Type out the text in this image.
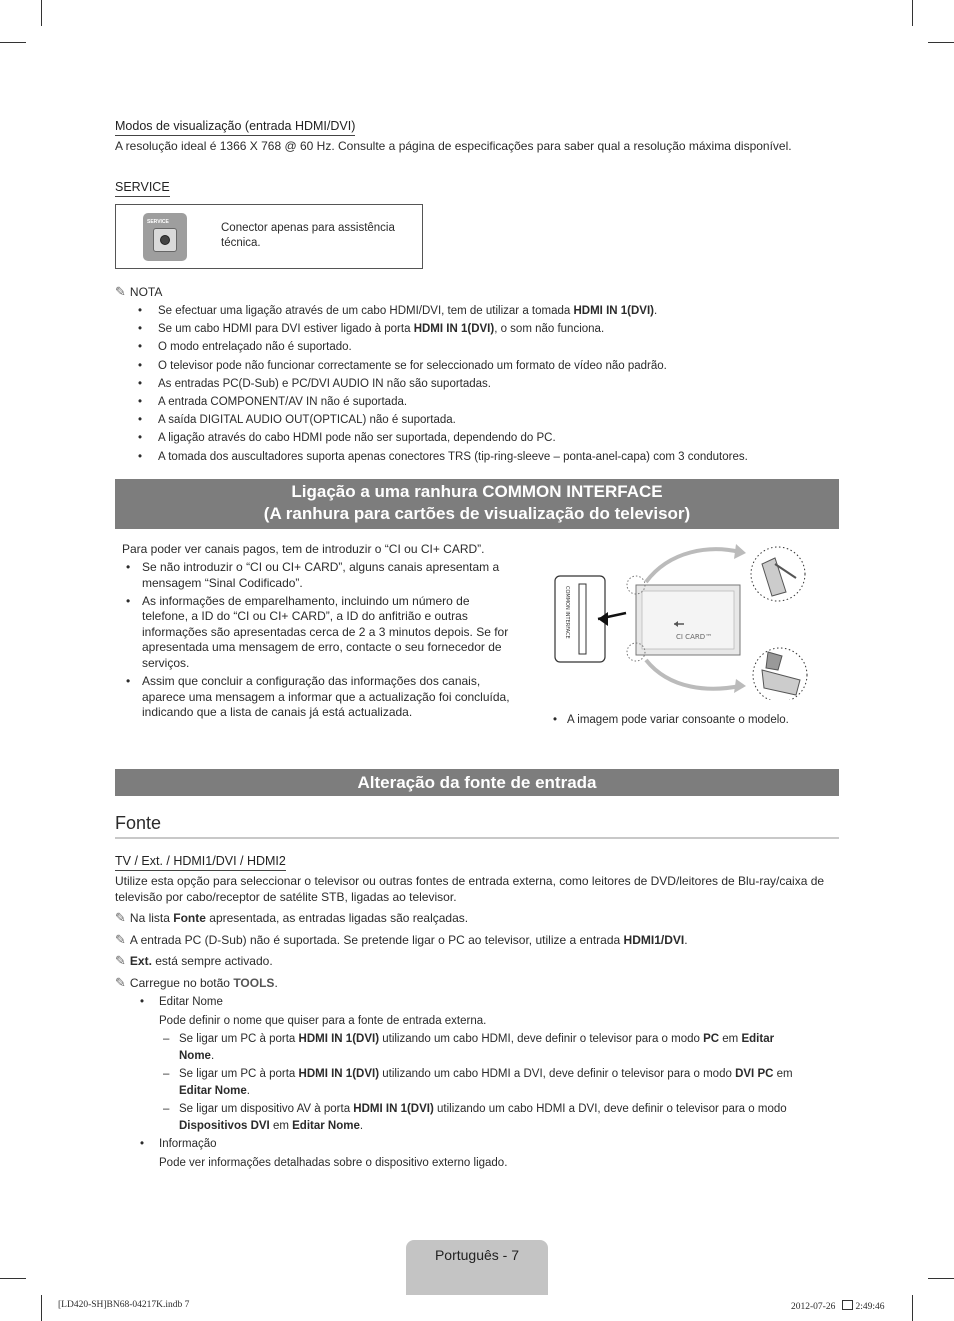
Modos de visualização (entrada HDMI/DVI)
A resolução ideal é 1366 X 768 @ 60 Hz. Consulte a página de especificações para saber qual a resolução máxima disponível.
SERVICE
SERVICE	Conector apenas para assistência
técnica.
✎ NOTA
• Se efectuar uma ligação através de um cabo HDMI/DVI, tem de utilizar a tomada HDMI IN 1(DVI).
• Se um cabo HDMI para DVI estiver ligado à porta HDMI IN 1(DVI), o som não funciona.
• O modo entrelaçado não é suportado.
• O televisor pode não funcionar correctamente se for seleccionado um formato de vídeo não padrão.
• As entradas PC(D-Sub) e PC/DVI AUDIO IN não são suportadas.
• A entrada COMPONENT/AV IN não é suportada.
• A saída DIGITAL AUDIO OUT(OPTICAL) não é suportada.
• A ligação através do cabo HDMI pode não ser suportada, dependendo do PC.
• A tomada dos auscultadores suporta apenas conectores TRS (tip-ring-sleeve – ponta-anel-capa) com 3 condutores.
Ligação a uma ranhura COMMON INTERFACE
(A ranhura para cartões de visualização do televisor)
Para poder ver canais pagos, tem de introduzir o “CI ou CI+ CARD”.
• Se não introduzir o “CI ou CI+ CARD”, alguns canais apresentam a mensagem “Sinal Codificado”.
• As informações de emparelhamento, incluindo um número de telefone, a ID do “CI ou CI+ CARD”, a ID do anfitrião e outras informações são apresentadas cerca de 2 a 3 minutos depois. Se for apresentada uma mensagem de erro, contacte o seu fornecedor de serviços.
• Assim que concluir a configuração das informações dos canais, aparece uma mensagem a informar que a actualização foi concluída, indicando que a lista de canais já está actualizada.
COMMON INTERFACE	CI CARD™
• A imagem pode variar consoante o modelo.
Alteração da fonte de entrada
Fonte
TV / Ext. / HDMI1/DVI / HDMI2
Utilize esta opção para seleccionar o televisor ou outras fontes de entrada externa, como leitores de DVD/leitores de Blu-ray/caixa de televisão por cabo/receptor de satélite STB, ligadas ao televisor.
✎ Na lista Fonte apresentada, as entradas ligadas são realçadas.
✎ A entrada PC (D-Sub) não é suportada. Se pretende ligar o PC ao televisor, utilize a entrada HDMI1/DVI.
✎ Ext. está sempre activado.
✎ Carregue no botão TOOLS.
• Editar Nome
Pode definir o nome que quiser para a fonte de entrada externa.
– Se ligar um PC à porta HDMI IN 1(DVI) utilizando um cabo HDMI, deve definir o televisor para o modo PC em Editar
Nome.
– Se ligar um PC à porta HDMI IN 1(DVI) utilizando um cabo HDMI a DVI, deve definir o televisor para o modo DVI PC em
Editar Nome.
– Se ligar um dispositivo AV à porta HDMI IN 1(DVI) utilizando um cabo HDMI a DVI, deve definir o televisor para o modo
Dispositivos DVI em Editar Nome.
• Informação
Pode ver informações detalhadas sobre o dispositivo externo ligado.
Português - 7
[LD420-SH]BN68-04217K.indb 7	2012-07-26   2:49:46
